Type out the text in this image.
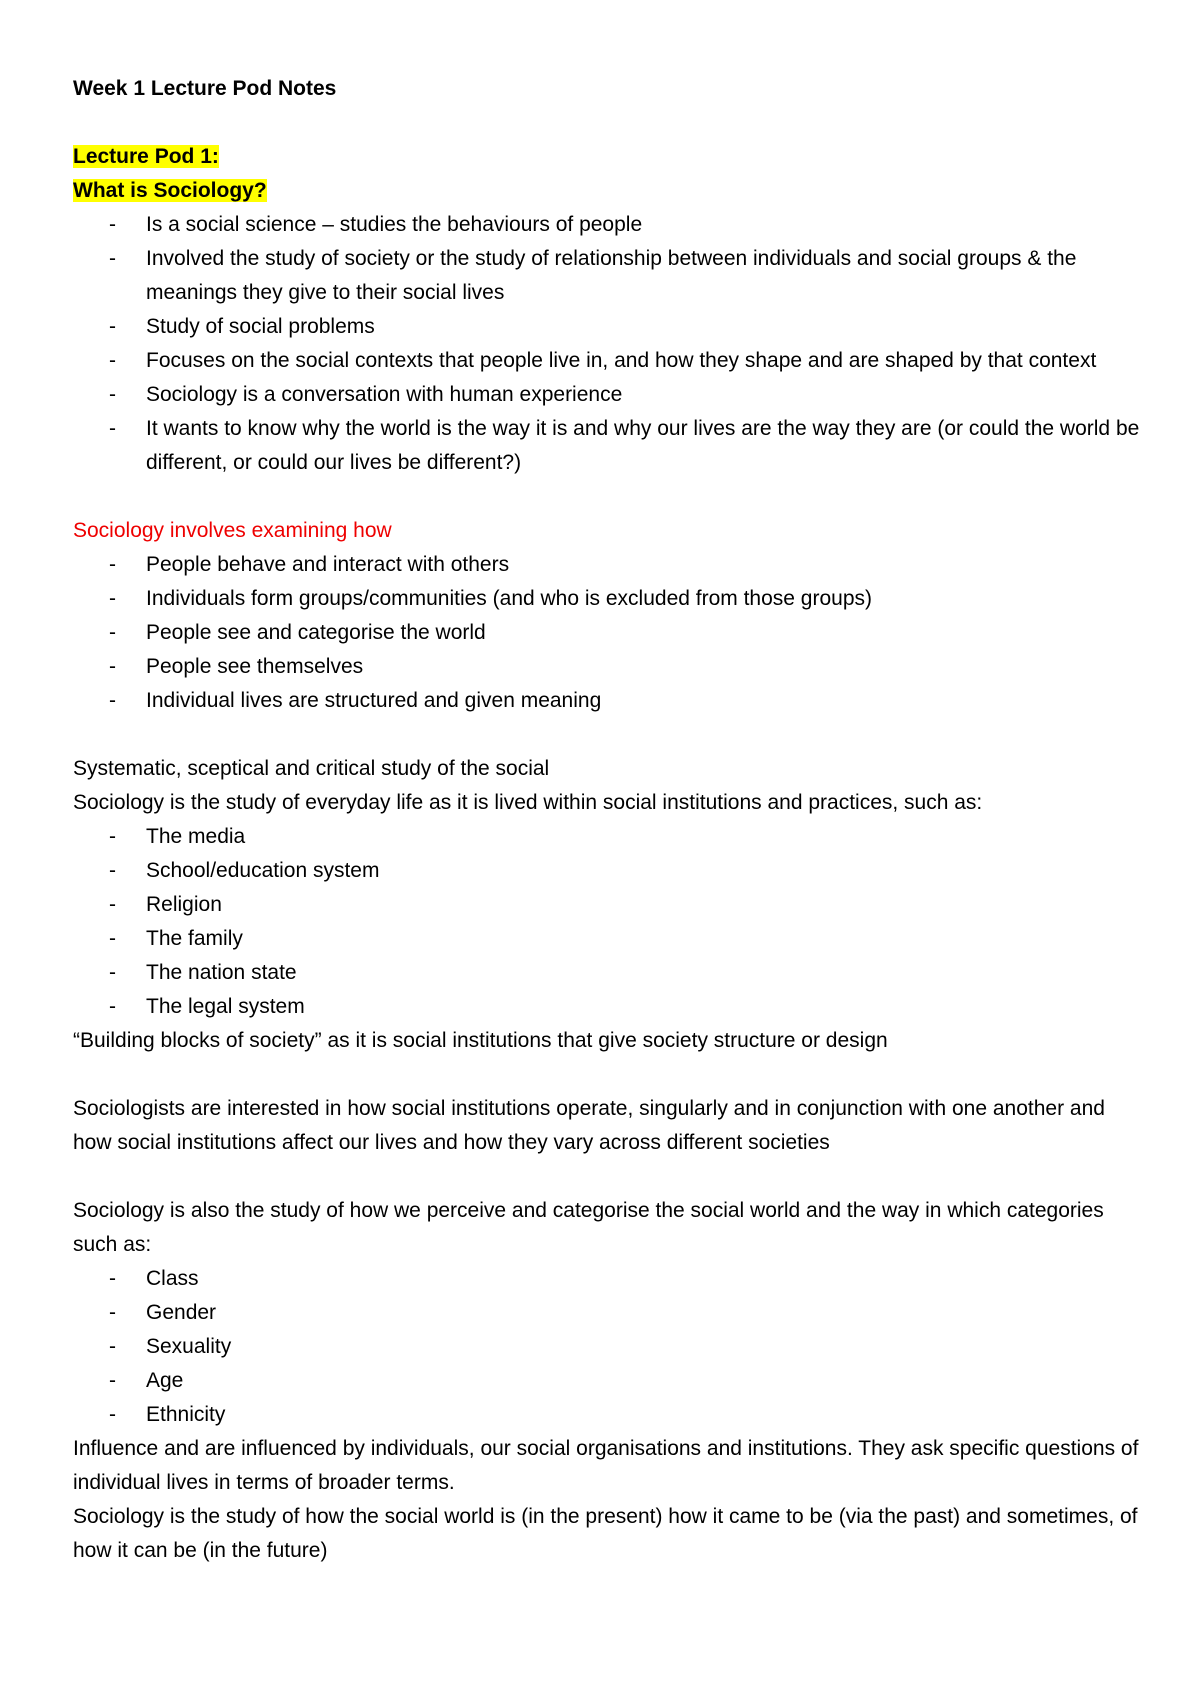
Week 1 Lecture Pod Notes

Lecture Pod 1:

What is Sociology?

- Is a social science – studies the behaviours of people
- Involved the study of society or the study of relationship between individuals and social groups & the meanings they give to their social lives
- Study of social problems
- Focuses on the social contexts that people live in, and how they shape and are shaped by that context
- Sociology is a conversation with human experience
- It wants to know why the world is the way it is and why our lives are the way they are (or could the world be different, or could our lives be different?)

Sociology involves examining how

- People behave and interact with others
- Individuals form groups/communities (and who is excluded from those groups)
- People see and categorise the world
- People see themselves
- Individual lives are structured and given meaning

Systematic, sceptical and critical study of the social

Sociology is the study of everyday life as it is lived within social institutions and practices, such as:

- The media
- School/education system
- Religion
- The family
- The nation state
- The legal system

“Building blocks of society” as it is social institutions that give society structure or design

Sociologists are interested in how social institutions operate, singularly and in conjunction with one another and how social institutions affect our lives and how they vary across different societies

Sociology is also the study of how we perceive and categorise the social world and the way in which categories such as:

- Class
- Gender
- Sexuality
- Age
- Ethnicity

Influence and are influenced by individuals, our social organisations and institutions. They ask specific questions of individual lives in terms of broader terms.

Sociology is the study of how the social world is (in the present) how it came to be (via the past) and sometimes, of how it can be (in the future)
